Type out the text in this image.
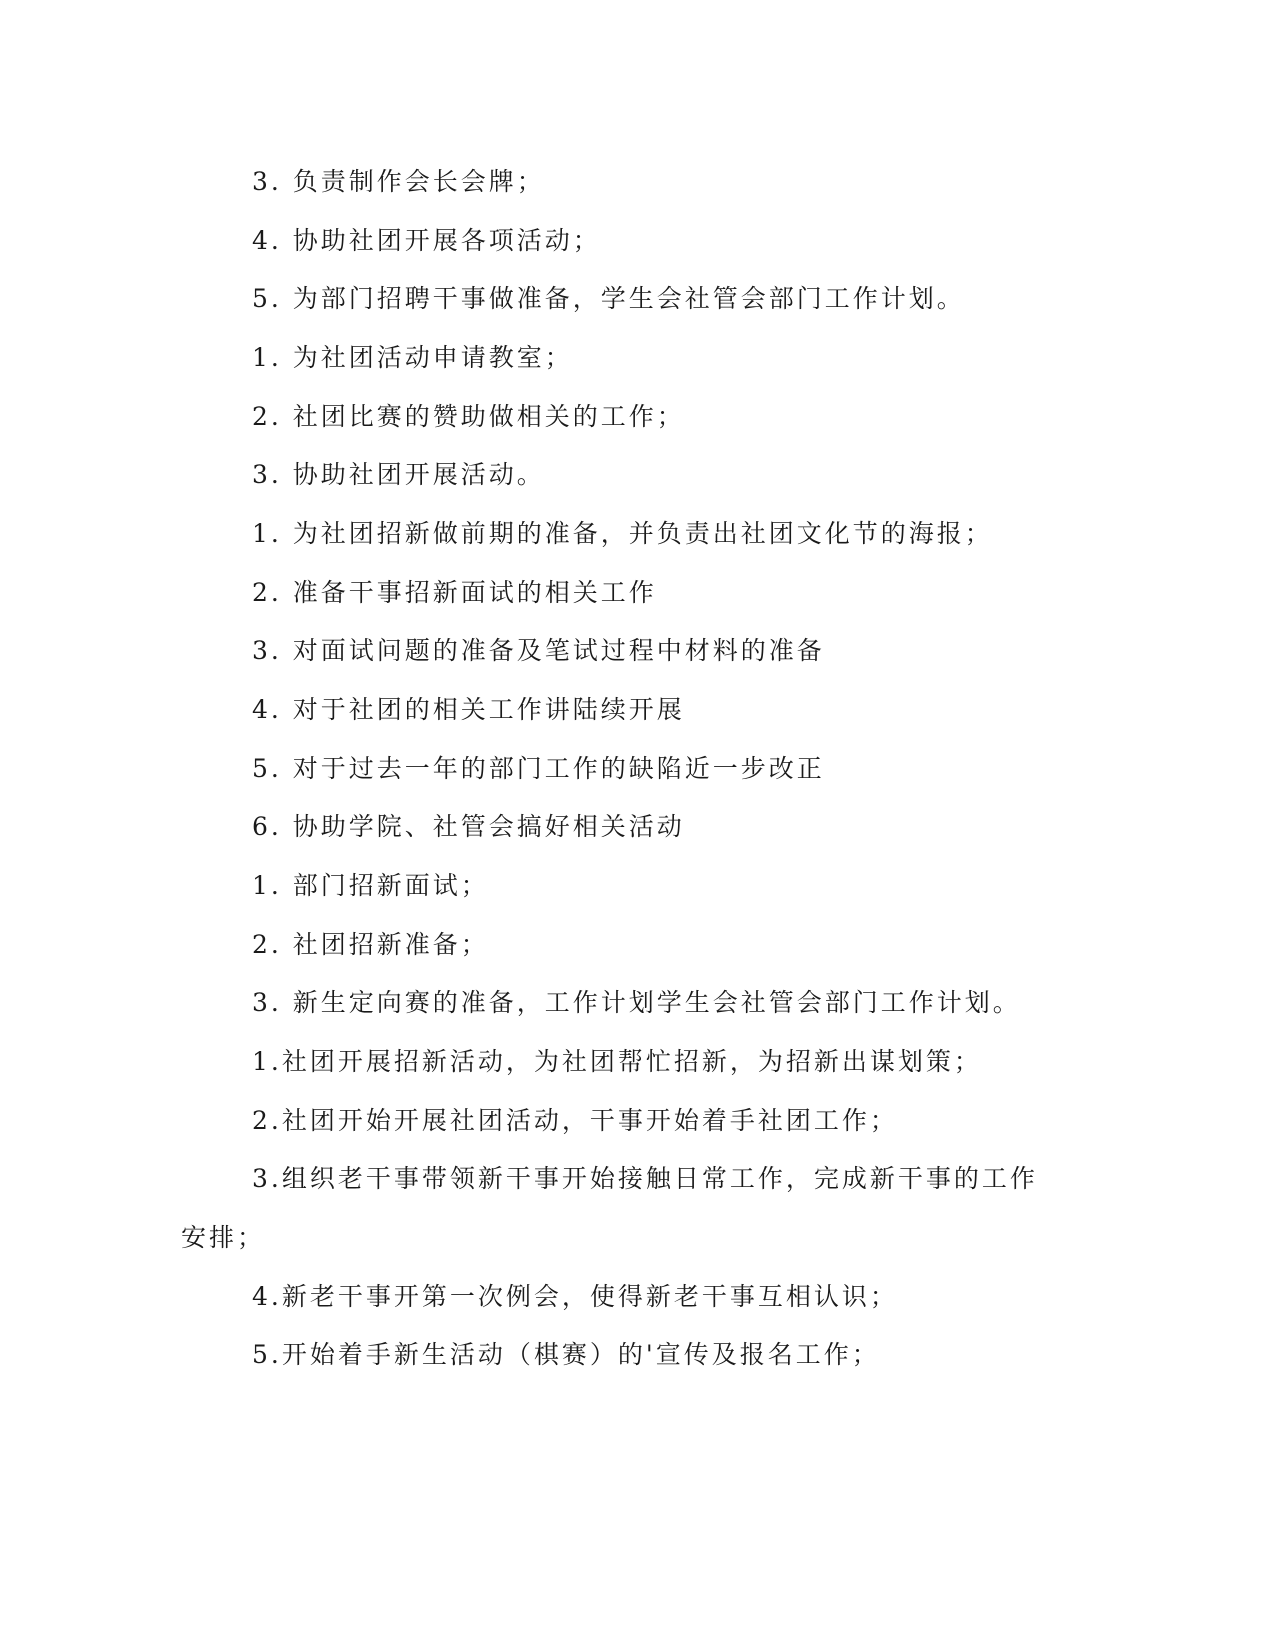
3. 负责制作会长会牌；
4. 协助社团开展各项活动；
5. 为部门招聘干事做准备，学生会社管会部门工作计划。
1. 为社团活动申请教室；
2. 社团比赛的赞助做相关的工作；
3. 协助社团开展活动。
1. 为社团招新做前期的准备，并负责出社团文化节的海报；
2. 准备干事招新面试的相关工作
3. 对面试问题的准备及笔试过程中材料的准备
4. 对于社团的相关工作讲陆续开展
5. 对于过去一年的部门工作的缺陷近一步改正
6. 协助学院、社管会搞好相关活动
1. 部门招新面试；
2. 社团招新准备；
3. 新生定向赛的准备，工作计划学生会社管会部门工作计划。
1.社团开展招新活动，为社团帮忙招新，为招新出谋划策；
2.社团开始开展社团活动，干事开始着手社团工作；
3.组织老干事带领新干事开始接触日常工作，完成新干事的工作
安排；
4.新老干事开第一次例会，使得新老干事互相认识；
5.开始着手新生活动（棋赛）的'宣传及报名工作；
